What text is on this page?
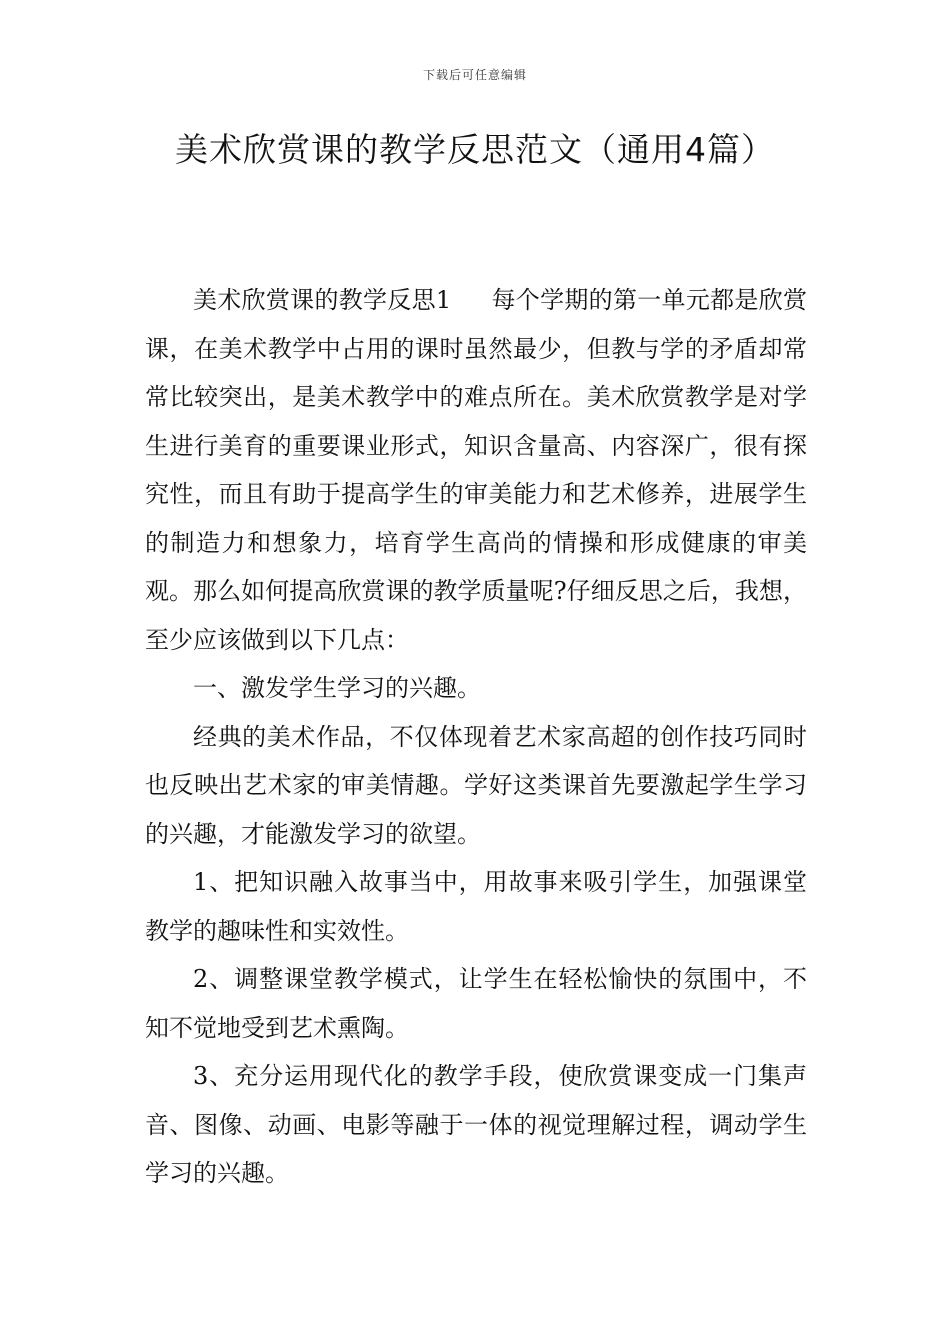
下载后可任意编辑
美术欣赏课的教学反思范文（通用4篇）

美术欣赏课的教学反思1 每个学期的第一单元都是欣赏课，在美术教学中占用的课时虽然最少，但教与学的矛盾却常常比较突出，是美术教学中的难点所在。美术欣赏教学是对学生进行美育的重要课业形式，知识含量高、内容深广，很有探究性，而且有助于提高学生的审美能力和艺术修养，进展学生的制造力和想象力，培育学生高尚的情操和形成健康的审美观。那么如何提高欣赏课的教学质量呢?仔细反思之后，我想，至少应该做到以下几点：

一、激发学生学习的兴趣。

经典的美术作品，不仅体现着艺术家高超的创作技巧同时也反映出艺术家的审美情趣。学好这类课首先要激起学生学习的兴趣，才能激发学习的欲望。

1、把知识融入故事当中，用故事来吸引学生，加强课堂教学的趣味性和实效性。

2、调整课堂教学模式，让学生在轻松愉快的氛围中，不知不觉地受到艺术熏陶。

3、充分运用现代化的教学手段，使欣赏课变成一门集声音、图像、动画、电影等融于一体的视觉理解过程，调动学生学习的兴趣。
